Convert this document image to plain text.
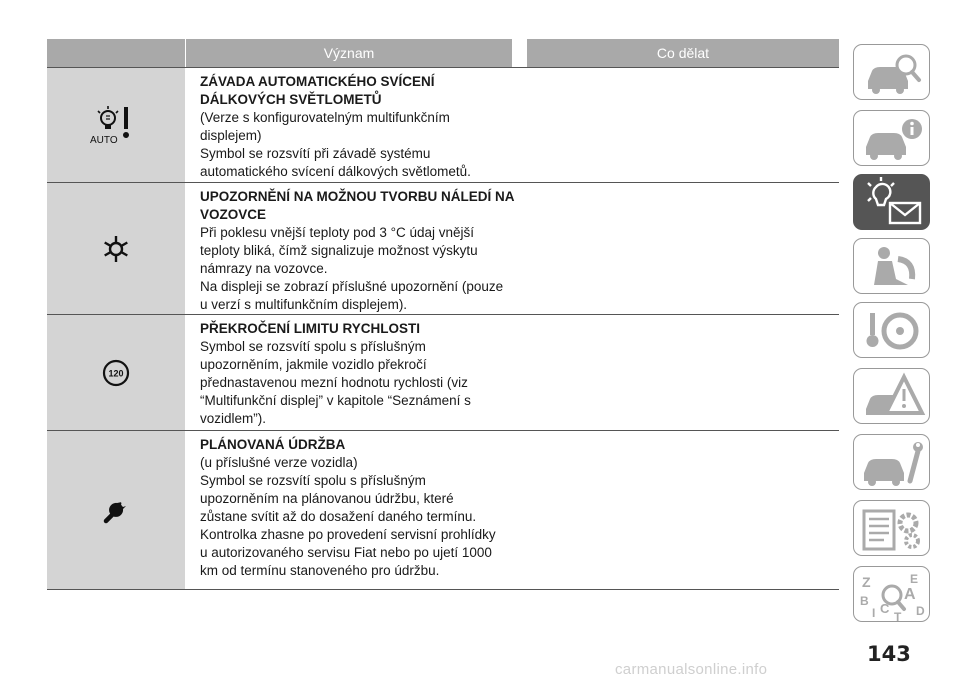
Význam	Co dělat
AUTO
ZÁVADA AUTOMATICKÉHO SVÍCENÍ DÁLKOVÝCH SVĚTLOMETŮ
(Verze s konfigurovatelným multifunkčním
displejem)
Symbol se rozsvítí při závadě systému
automatického svícení dálkových světlometů.
UPOZORNĚNÍ NA MOŽNOU TVORBU NÁLEDÍ NA VOZOVCE
Při poklesu vnější teploty pod 3 °C údaj vnější
teploty bliká, čímž signalizuje možnost výskytu
námrazy na vozovce.
Na displeji se zobrazí příslušné upozornění (pouze
u verzí s multifunkčním displejem).
120
PŘEKROČENÍ LIMITU RYCHLOSTI
Symbol se rozsvítí spolu s příslušným
upozorněním, jakmile vozidlo překročí
přednastavenou mezní hodnotu rychlosti (viz
“Multifunkční displej” v kapitole “Seznámení s
vozidlem”).
PLÁNOVANÁ ÚDRŽBA
(u příslušné verze vozidla)
Symbol se rozsvítí spolu s příslušným
upozorněním na plánovanou údržbu, které
zůstane svítit až do dosažení daného termínu.
Kontrolka zhasne po provedení servisní prohlídky
u autorizovaného servisu Fiat nebo po ujetí 1000
km od termínu stanoveného pro údržbu.
Z	E
A
B C D
I T
143
carmanualsonline.info
